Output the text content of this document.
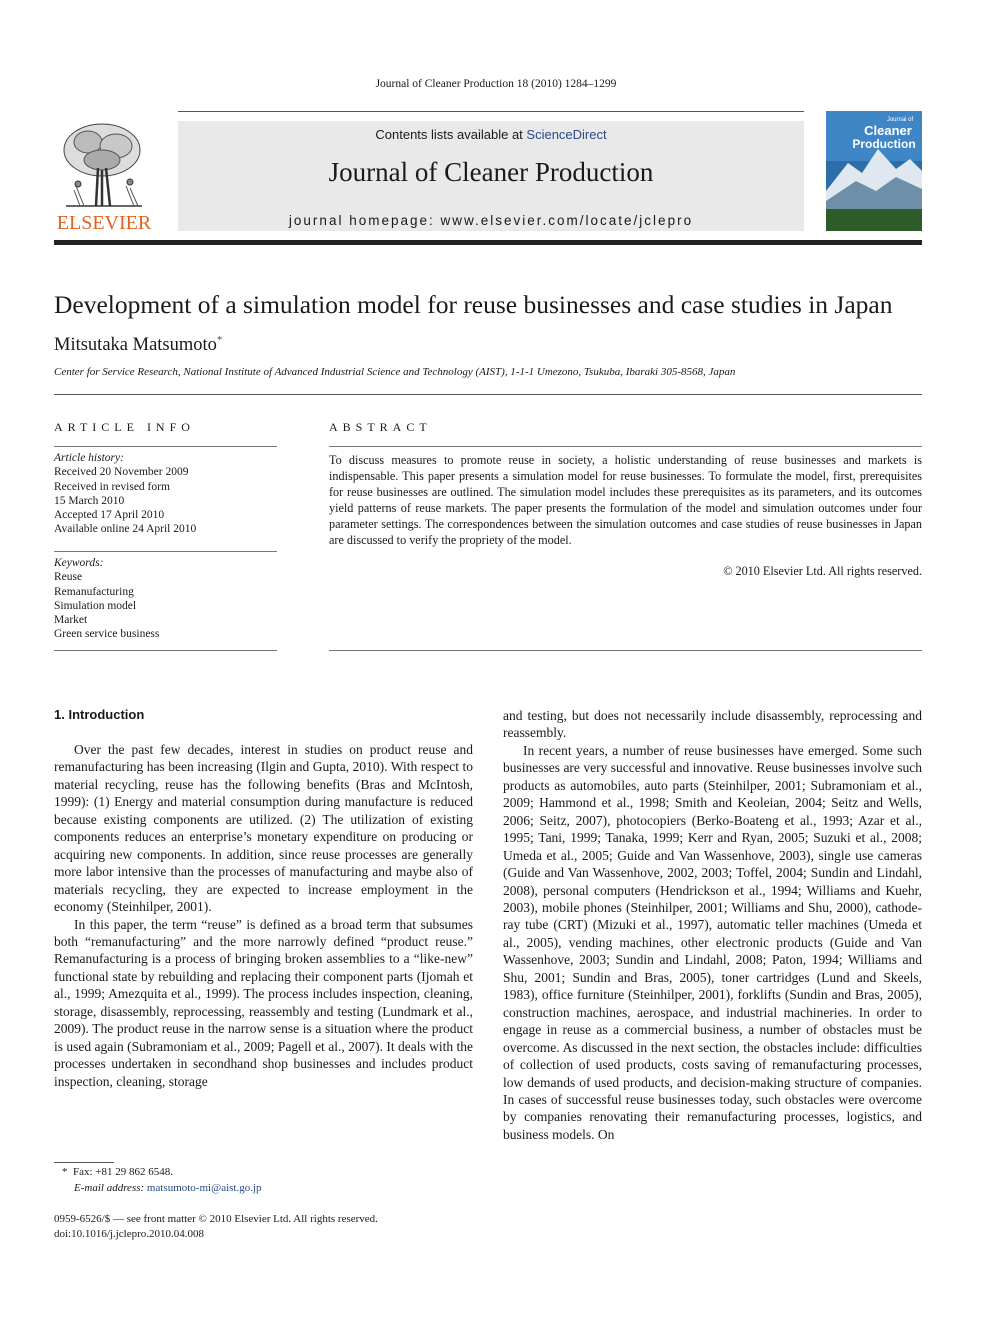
Journal of Cleaner Production 18 (2010) 1284–1299
ELSEVIER
Contents lists available at ScienceDirect
Journal of Cleaner Production
journal homepage: www.elsevier.com/locate/jclepro
Journal of
Cleaner
Production
Development of a simulation model for reuse businesses and case studies in Japan
Mitsutaka Matsumoto*
Center for Service Research, National Institute of Advanced Industrial Science and Technology (AIST), 1-1-1 Umezono, Tsukuba, Ibaraki 305-8568, Japan
ARTICLE INFO	ABSTRACT
Article history:
Received 20 November 2009
Received in revised form
15 March 2010
Accepted 17 April 2010
Available online 24 April 2010
Keywords:
Reuse
Remanufacturing
Simulation model
Market
Green service business
To discuss measures to promote reuse in society, a holistic understanding of reuse businesses and markets is indispensable. This paper presents a simulation model for reuse businesses. To formulate the model, first, prerequisites for reuse businesses are outlined. The simulation model includes these prerequisites as its parameters, and its outcomes yield patterns of reuse markets. The paper presents the formulation of the model and simulation outcomes under four parameter settings. The correspondences between the simulation outcomes and case studies of reuse businesses in Japan are discussed to verify the propriety of the model.
© 2010 Elsevier Ltd. All rights reserved.
1. Introduction

Over the past few decades, interest in studies on product reuse and remanufacturing has been increasing (Ilgin and Gupta, 2010). With respect to material recycling, reuse has the following benefits (Bras and McIntosh, 1999): (1) Energy and material consumption during manufacture is reduced because existing components are utilized. (2) The utilization of existing components reduces an enterprise’s monetary expenditure on producing or acquiring new components. In addition, since reuse processes are generally more labor intensive than the processes of manufacturing and maybe also of materials recycling, they are expected to increase employment in the economy (Steinhilper, 2001).

In this paper, the term “reuse” is defined as a broad term that subsumes both “remanufacturing” and the more narrowly defined “product reuse.” Remanufacturing is a process of bringing broken assemblies to a “like-new” functional state by rebuilding and replacing their component parts (Ijomah et al., 1999; Amezquita et al., 1999). The process includes inspection, cleaning, storage, disassembly, reprocessing, reassembly and testing (Lundmark et al., 2009). The product reuse in the narrow sense is a situation where the product is used again (Subramoniam et al., 2009; Pagell et al., 2007). It deals with the processes undertaken in secondhand shop businesses and includes product inspection, cleaning, storage

and testing, but does not necessarily include disassembly, reprocessing and reassembly.

In recent years, a number of reuse businesses have emerged. Some such businesses are very successful and innovative. Reuse businesses involve such products as automobiles, auto parts (Steinhilper, 2001; Subramoniam et al., 2009; Hammond et al., 1998; Smith and Keoleian, 2004; Seitz and Wells, 2006; Seitz, 2007), photocopiers (Berko-Boateng et al., 1993; Azar et al., 1995; Tani, 1999; Tanaka, 1999; Kerr and Ryan, 2005; Suzuki et al., 2008; Umeda et al., 2005; Guide and Van Wassenhove, 2003), single use cameras (Guide and Van Wassenhove, 2002, 2003; Toffel, 2004; Sundin and Lindahl, 2008), personal computers (Hendrickson et al., 1994; Williams and Kuehr, 2003), mobile phones (Steinhilper, 2001; Williams and Shu, 2000), cathode-ray tube (CRT) (Mizuki et al., 1997), automatic teller machines (Umeda et al., 2005), vending machines, other electronic products (Guide and Van Wassenhove, 2003; Sundin and Lindahl, 2008; Paton, 1994; Williams and Shu, 2001; Sundin and Bras, 2005), toner cartridges (Lund and Skeels, 1983), office furniture (Steinhilper, 2001), forklifts (Sundin and Bras, 2005), construction machines, aerospace, and industrial machineries. In order to engage in reuse as a commercial business, a number of obstacles must be overcome. As discussed in the next section, the obstacles include: difficulties of collection of used products, costs saving of remanufacturing processes, low demands of used products, and decision-making structure of companies. In cases of successful reuse businesses today, such obstacles were overcome by companies renovating their remanufacturing processes, logistics, and business models. On

* Fax: +81 29 862 6548.
E-mail address: matsumoto-mi@aist.go.jp
0959-6526/$ — see front matter © 2010 Elsevier Ltd. All rights reserved.
doi:10.1016/j.jclepro.2010.04.008
